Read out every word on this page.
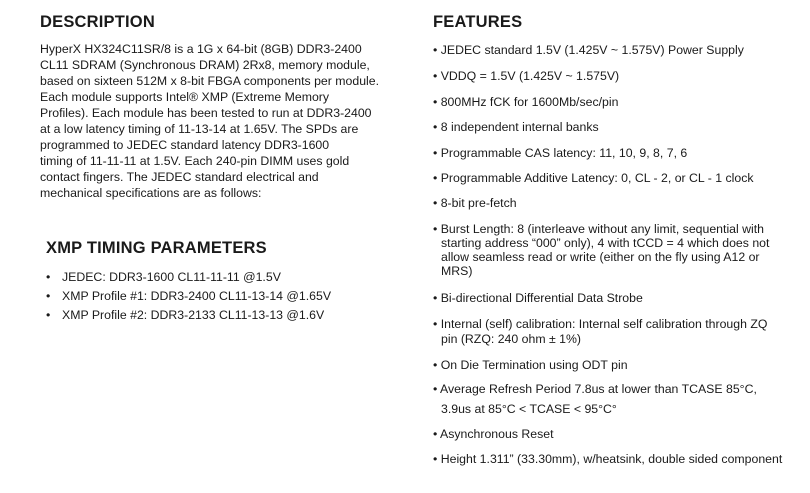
DESCRIPTION
HyperX HX324C11SR/8 is a 1G x 64-bit (8GB) DDR3-2400
CL11 SDRAM (Synchronous DRAM) 2Rx8, memory module,
based on sixteen 512M x 8-bit FBGA components per module.
Each module supports Intel® XMP (Extreme Memory
Profiles). Each module has been tested to run at DDR3-2400
at a low latency timing of 11-13-14 at 1.65V. The SPDs are
programmed to JEDEC standard latency DDR3-1600
timing of 11-11-11 at 1.5V. Each 240-pin DIMM uses gold
contact fingers. The JEDEC standard electrical and
mechanical specifications are as follows:
XMP TIMING PARAMETERS
• JEDEC: DDR3-1600 CL11-11-11 @1.5V
• XMP Profile #1: DDR3-2400 CL11-13-14 @1.65V
• XMP Profile #2: DDR3-2133 CL11-13-13 @1.6V
FEATURES
• JEDEC standard 1.5V (1.425V ~ 1.575V) Power Supply
• VDDQ = 1.5V (1.425V ~ 1.575V)
• 800MHz fCK for 1600Mb/sec/pin
• 8 independent internal banks
• Programmable CAS latency: 11, 10, 9, 8, 7, 6
• Programmable Additive Latency: 0, CL - 2, or CL - 1 clock
• 8-bit pre-fetch
• Burst Length: 8 (interleave without any limit, sequential with
starting address “000” only), 4 with tCCD = 4 which does not
allow seamless read or write (either on the fly using A12 or
MRS)
• Bi-directional Differential Data Strobe
• Internal (self) calibration: Internal self calibration through ZQ
pin (RZQ: 240 ohm ± 1%)
• On Die Termination using ODT pin
• Average Refresh Period 7.8us at lower than TCASE 85°C,
3.9us at 85°C < TCASE < 95°C°
• Asynchronous Reset
• Height 1.311” (33.30mm), w/heatsink, double sided component
